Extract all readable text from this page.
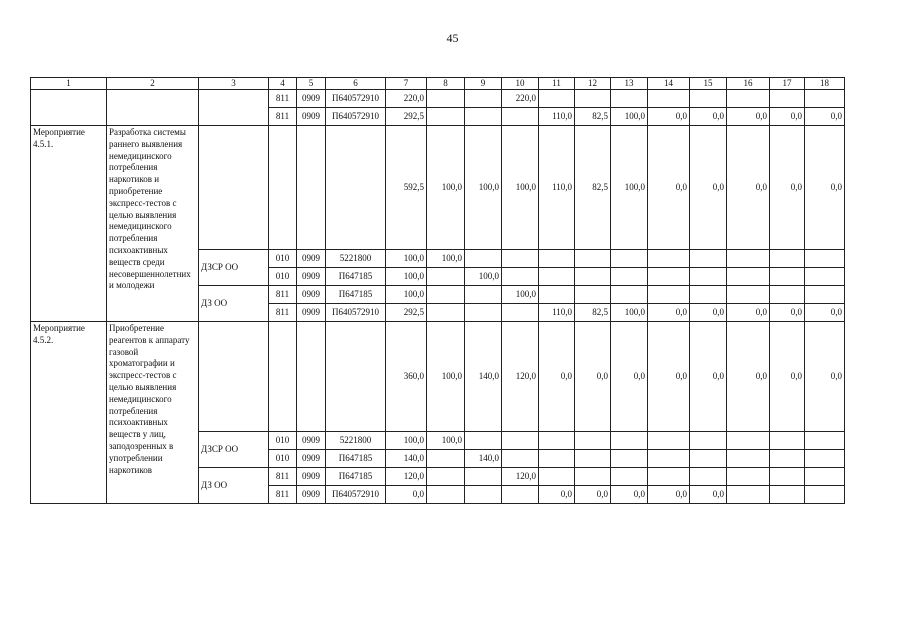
45
1	2	3	4	5	6	7	8	9	10	11	12	13	14	15	16	17	18
			811	0909	П640572910	220,0			220,0								
			811	0909	П640572910	292,5				110,0	82,5	100,0	0,0	0,0	0,0	0,0	0,0
Мероприятие 4.5.1.	Разработка системы раннего выявления немедицинского потребления наркотиков и приобретение экспресс-тестов с целью выявления немедицинского потребления психоактивных веществ среди несовершеннолетних и молодежи					592,5	100,0	100,0	100,0	110,0	82,5	100,0	0,0	0,0	0,0	0,0	0,0
		ДЗСР ОО	010	0909	5221800	100,0	100,0										
			010	0909	П647185	100,0		100,0									
		ДЗ ОО	811	0909	П647185	100,0			100,0								
			811	0909	П640572910	292,5				110,0	82,5	100,0	0,0	0,0	0,0	0,0	0,0
Мероприятие 4.5.2.	Приобретение реагентов к аппарату газовой хроматографии и экспресс-тестов с целью выявления немедицинского потребления психоактивных веществ у лиц, заподозренных в употреблении наркотиков					360,0	100,0	140,0	120,0	0,0	0,0	0,0	0,0	0,0	0,0	0,0	0,0
		ДЗСР ОО	010	0909	5221800	100,0	100,0										
			010	0909	П647185	140,0		140,0									
		ДЗ ОО	811	0909	П647185	120,0			120,0								
			811	0909	П640572910	0,0				0,0	0,0	0,0	0,0	0,0			
